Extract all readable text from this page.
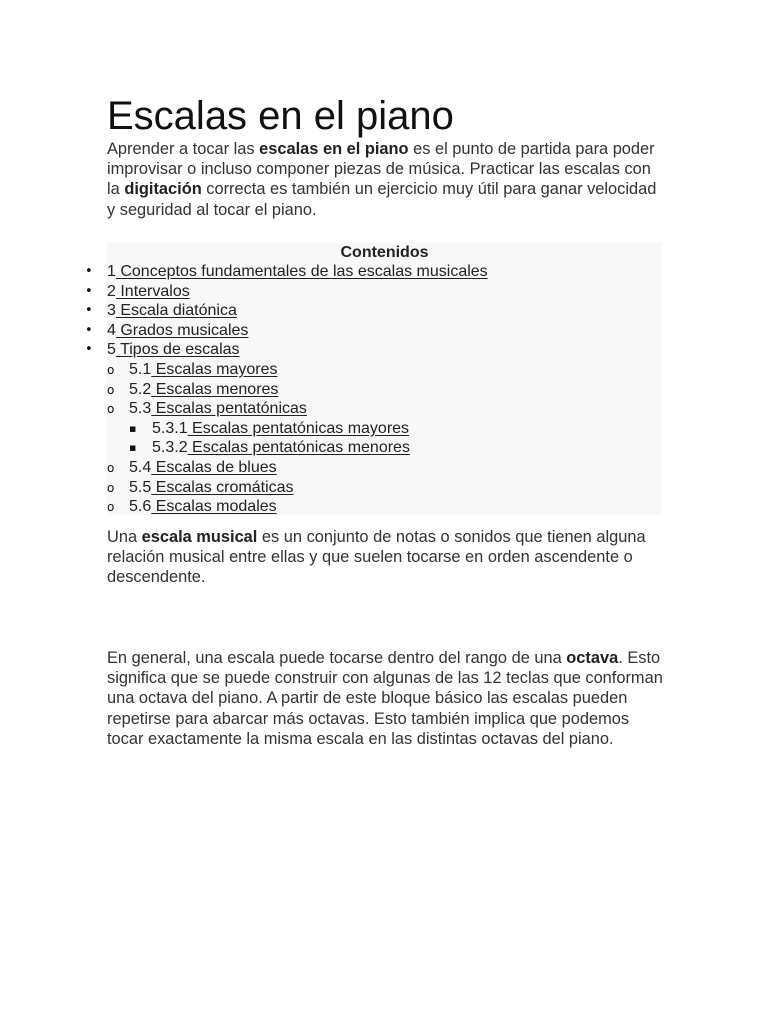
Escalas en el piano

Aprender a tocar las escalas en el piano es el punto de partida para poder improvisar o incluso componer piezas de música. Practicar las escalas con la digitación correcta es también un ejercicio muy útil para ganar velocidad y seguridad al tocar el piano.

Contenidos
• 1 Conceptos fundamentales de las escalas musicales
• 2 Intervalos
• 3 Escala diatónica
• 4 Grados musicales
• 5 Tipos de escalas
o 5.1 Escalas mayores
o 5.2 Escalas menores
o 5.3 Escalas pentatónicas
▪ 5.3.1 Escalas pentatónicas mayores
▪ 5.3.2 Escalas pentatónicas menores
o 5.4 Escalas de blues
o 5.5 Escalas cromáticas
o 5.6 Escalas modales

Una escala musical es un conjunto de notas o sonidos que tienen alguna relación musical entre ellas y que suelen tocarse en orden ascendente o descendente.

En general, una escala puede tocarse dentro del rango de una octava. Esto significa que se puede construir con algunas de las 12 teclas que conforman una octava del piano. A partir de este bloque básico las escalas pueden repetirse para abarcar más octavas. Esto también implica que podemos tocar exactamente la misma escala en las distintas octavas del piano.
